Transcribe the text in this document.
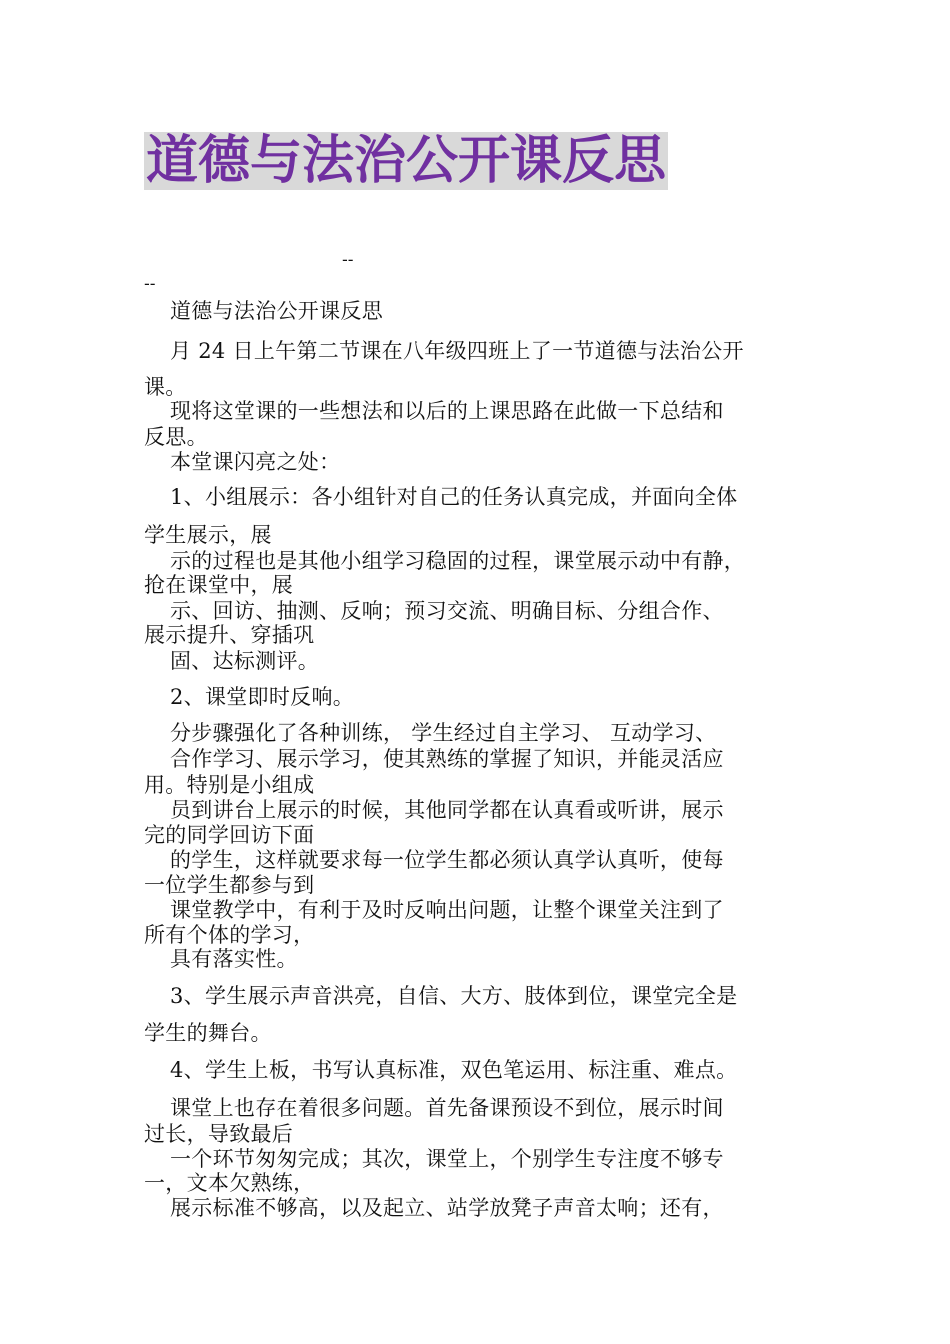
道德与法治公开课反思
--
--
道德与法治公开课反思
月 24 日上午第二节课在八年级四班上了一节道德与法治公开
课。
现将这堂课的一些想法和以后的上课思路在此做一下总结和
反思。
本堂课闪亮之处：
1、小组展示：各小组针对自己的任务认真完成，并面向全体
学生展示，展
示的过程也是其他小组学习稳固的过程，课堂展示动中有静，
抢在课堂中，展
示、回访、抽测、反响；预习交流、明确目标、分组合作、
展示提升、穿插巩
固、达标测评。
2、课堂即时反响。
分步骤强化了各种训练， 学生经过自主学习、 互动学习、
合作学习、展示学习，使其熟练的掌握了知识，并能灵活应
用。特别是小组成
员到讲台上展示的时候，其他同学都在认真看或听讲，展示
完的同学回访下面
的学生，这样就要求每一位学生都必须认真学认真听，使每
一位学生都参与到
课堂教学中，有利于及时反响出问题，让整个课堂关注到了
所有个体的学习，
具有落实性。
3、学生展示声音洪亮，自信、大方、肢体到位，课堂完全是
学生的舞台。
4、学生上板，书写认真标准，双色笔运用、标注重、难点。
课堂上也存在着很多问题。首先备课预设不到位，展示时间
过长，导致最后
一个环节匆匆完成；其次，课堂上，个别学生专注度不够专
一，文本欠熟练，
展示标准不够高，以及起立、站学放凳子声音太响；还有，
